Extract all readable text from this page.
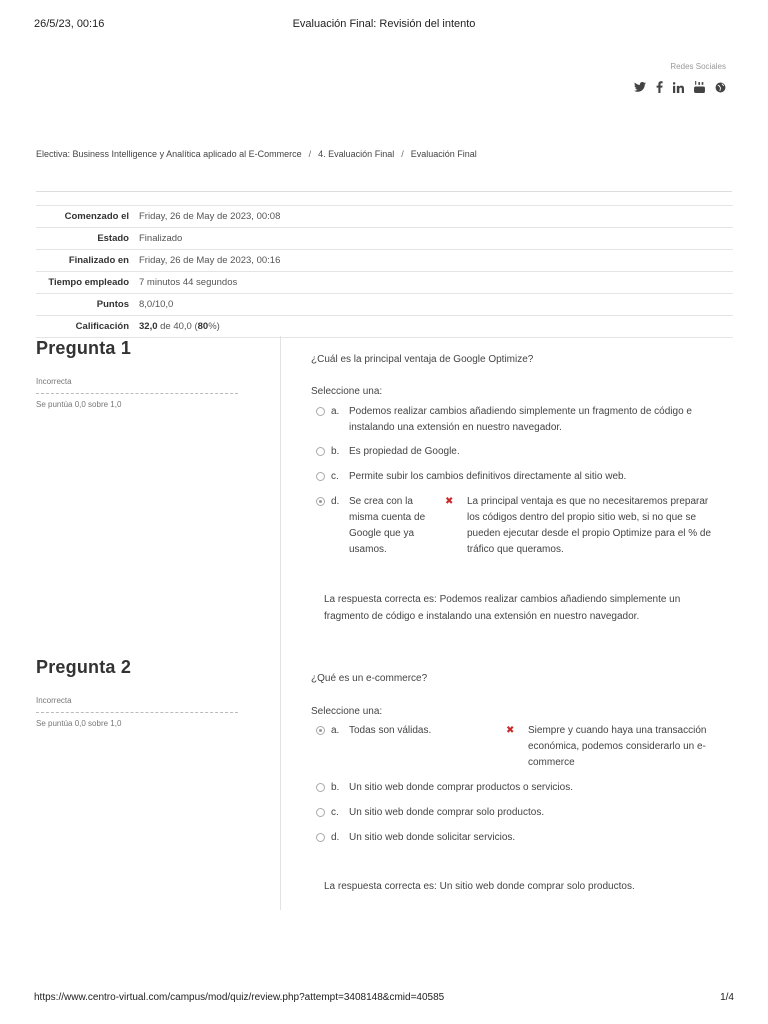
26/5/23, 00:16	Evaluación Final: Revisión del intento
Redes Sociales
Electiva: Business Intelligence y Analítica aplicado al E-Commerce / 4. Evaluación Final / Evaluación Final
Comenzado el	Friday, 26 de May de 2023, 00:08
Estado	Finalizado
Finalizado en	Friday, 26 de May de 2023, 00:16
Tiempo empleado	7 minutos 44 segundos
Puntos	8,0/10,0
Calificación	32,0 de 40,0 (80%)
Pregunta 1
Incorrecta
Se puntúa 0,0 sobre 1,0
¿Cuál es la principal ventaja de Google Optimize?
Seleccione una:
a. Podemos realizar cambios añadiendo simplemente un fragmento de código e instalando una extensión en nuestro navegador.
b. Es propiedad de Google.
c. Permite subir los cambios definitivos directamente al sitio web.
d. Se crea con la misma cuenta de Google que ya usamos.
✖ La principal ventaja es que no necesitaremos preparar los códigos dentro del propio sitio web, si no que se pueden ejecutar desde el propio Optimize para el % de tráfico que queramos.
La respuesta correcta es: Podemos realizar cambios añadiendo simplemente un fragmento de código e instalando una extensión en nuestro navegador.
Pregunta 2
Incorrecta
Se puntúa 0,0 sobre 1,0
¿Qué es un e-commerce?
Seleccione una:
a. Todas son válidas.	✖ Siempre y cuando haya una transacción económica, podemos considerarlo un e-commerce
b. Un sitio web donde comprar productos o servicios.
c. Un sitio web donde comprar solo productos.
d. Un sitio web donde solicitar servicios.
La respuesta correcta es: Un sitio web donde comprar solo productos.
https://www.centro-virtual.com/campus/mod/quiz/review.php?attempt=3408148&cmid=40585	1/4
